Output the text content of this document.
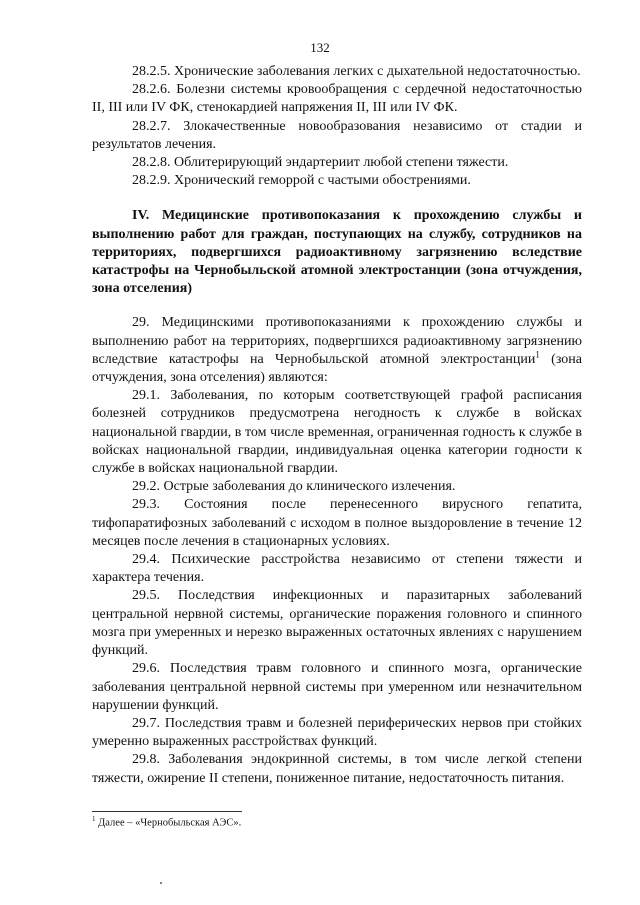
132

28.2.5. Хронические заболевания легких с дыхательной недостаточностью.

28.2.6. Болезни системы кровообращения с сердечной недостаточностью II, III или IV ФК, стенокардией напряжения II, III или IV ФК.

28.2.7. Злокачественные новообразования независимо от стадии и результатов лечения.

28.2.8. Облитерирующий эндартериит любой степени тяжести.

28.2.9. Хронический геморрой с частыми обострениями.

IV. Медицинские противопоказания к прохождению службы и выполнению работ для граждан, поступающих на службу, сотрудников на территориях, подвергшихся радиоактивному загрязнению вследствие катастрофы на Чернобыльской атомной электростанции (зона отчуждения, зона отселения)

29. Медицинскими противопоказаниями к прохождению службы и выполнению работ на территориях, подвергшихся радиоактивному загрязнению вследствие катастрофы на Чернобыльской атомной электростанции$^1$ (зона отчуждения, зона отселения) являются:

29.1. Заболевания, по которым соответствующей графой расписания болезней сотрудников предусмотрена негодность к службе в войсках национальной гвардии, в том числе временная, ограниченная годность к службе в войсках национальной гвардии, индивидуальная оценка категории годности к службе в войсках национальной гвардии.

29.2. Острые заболевания до клинического излечения.

29.3. Состояния после перенесенного вирусного гепатита, тифопаратифозных заболеваний с исходом в полное выздоровление в течение 12 месяцев после лечения в стационарных условиях.

29.4. Психические расстройства независимо от степени тяжести и характера течения.

29.5. Последствия инфекционных и паразитарных заболеваний центральной нервной системы, органические поражения головного и спинного мозга при умеренных и нерезко выраженных остаточных явлениях с нарушением функций.

29.6. Последствия травм головного и спинного мозга, органические заболевания центральной нервной системы при умеренном или незначительном нарушении функций.

29.7. Последствия травм и болезней периферических нервов при стойких умеренно выраженных расстройствах функций.

29.8. Заболевания эндокринной системы, в том числе легкой степени тяжести, ожирение II степени, пониженное питание, недостаточность питания.

$^1$ Далее – «Чернобыльская АЭС».
